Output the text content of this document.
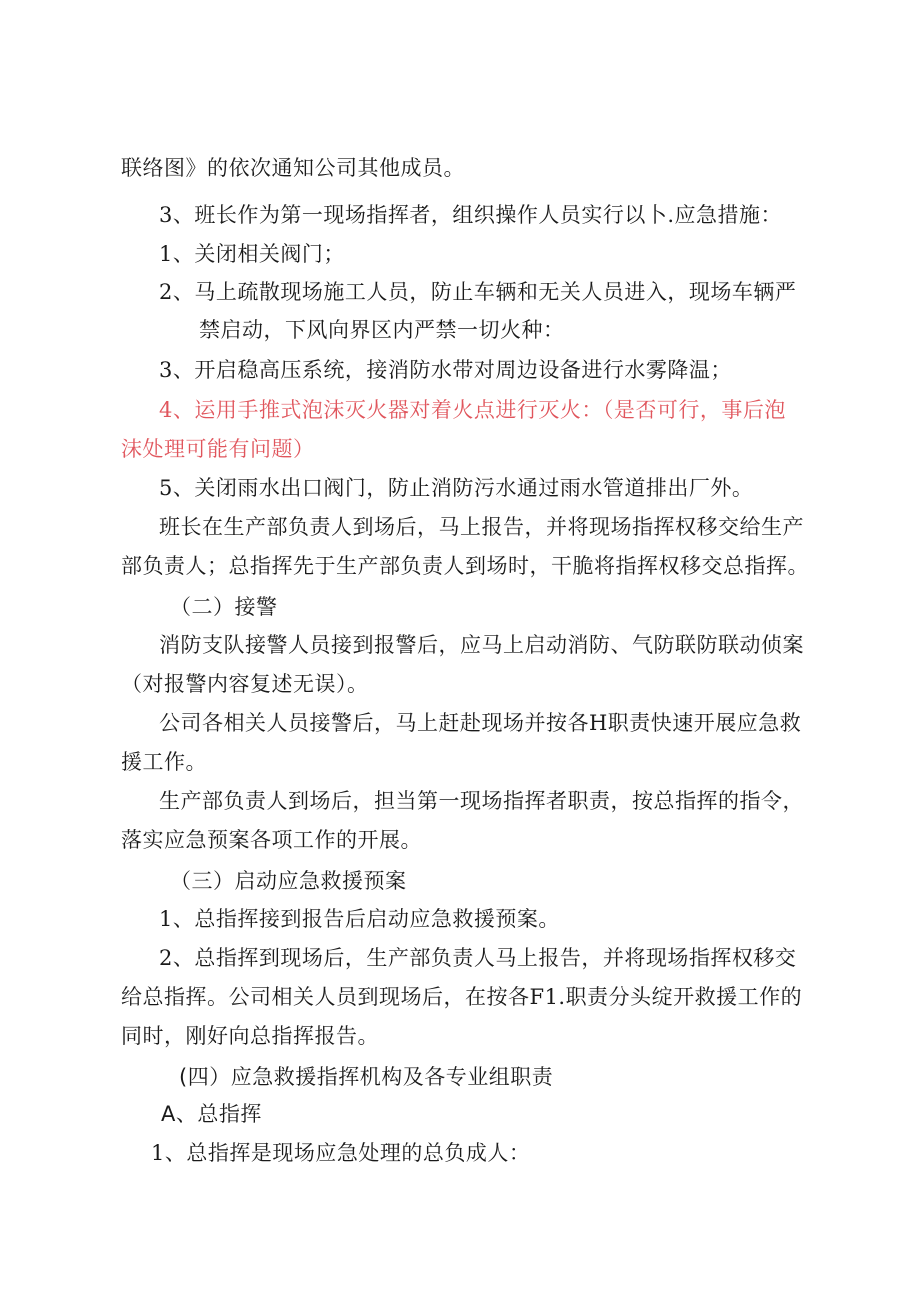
联络图》的依次通知公司其他成员。
3、班长作为第一现场指挥者，组织操作人员实行以卜.应急措施：
1、关闭相关阀门；
2、马上疏散现场施工人员，防止车辆和无关人员进入，现场车辆严
禁启动，下风向界区内严禁一切火种：
3、开启稳高压系统，接消防水带对周边设备进行水雾降温；
4、运用手推式泡沫灭火器对着火点进行灭火：（是否可行，事后泡
沫处理可能有问题）
5、关闭雨水出口阀门，防止消防污水通过雨水管道排出厂外。
班长在生产部负责人到场后，马上报告，并将现场指挥权移交给生产
部负责人；总指挥先于生产部负责人到场时，干脆将指挥权移交总指挥。
（二）接警
消防支队接警人员接到报警后，应马上启动消防、气防联防联动侦案
（对报警内容复述无误）。
公司各相关人员接警后，马上赶赴现场并按各H职责快速开展应急救
援工作。
生产部负责人到场后，担当第一现场指挥者职责，按总指挥的指令，
落实应急预案各项工作的开展。
（三）启动应急救援预案
1、总指挥接到报告后启动应急救援预案。
2、总指挥到现场后，生产部负责人马上报告，并将现场指挥权移交
给总指挥。公司相关人员到现场后，在按各F1.职责分头绽开救援工作的
同时，刚好向总指挥报告。
(四）应急救援指挥机构及各专业组职责
A、总指挥
1、总指挥是现场应急处理的总负成人：
